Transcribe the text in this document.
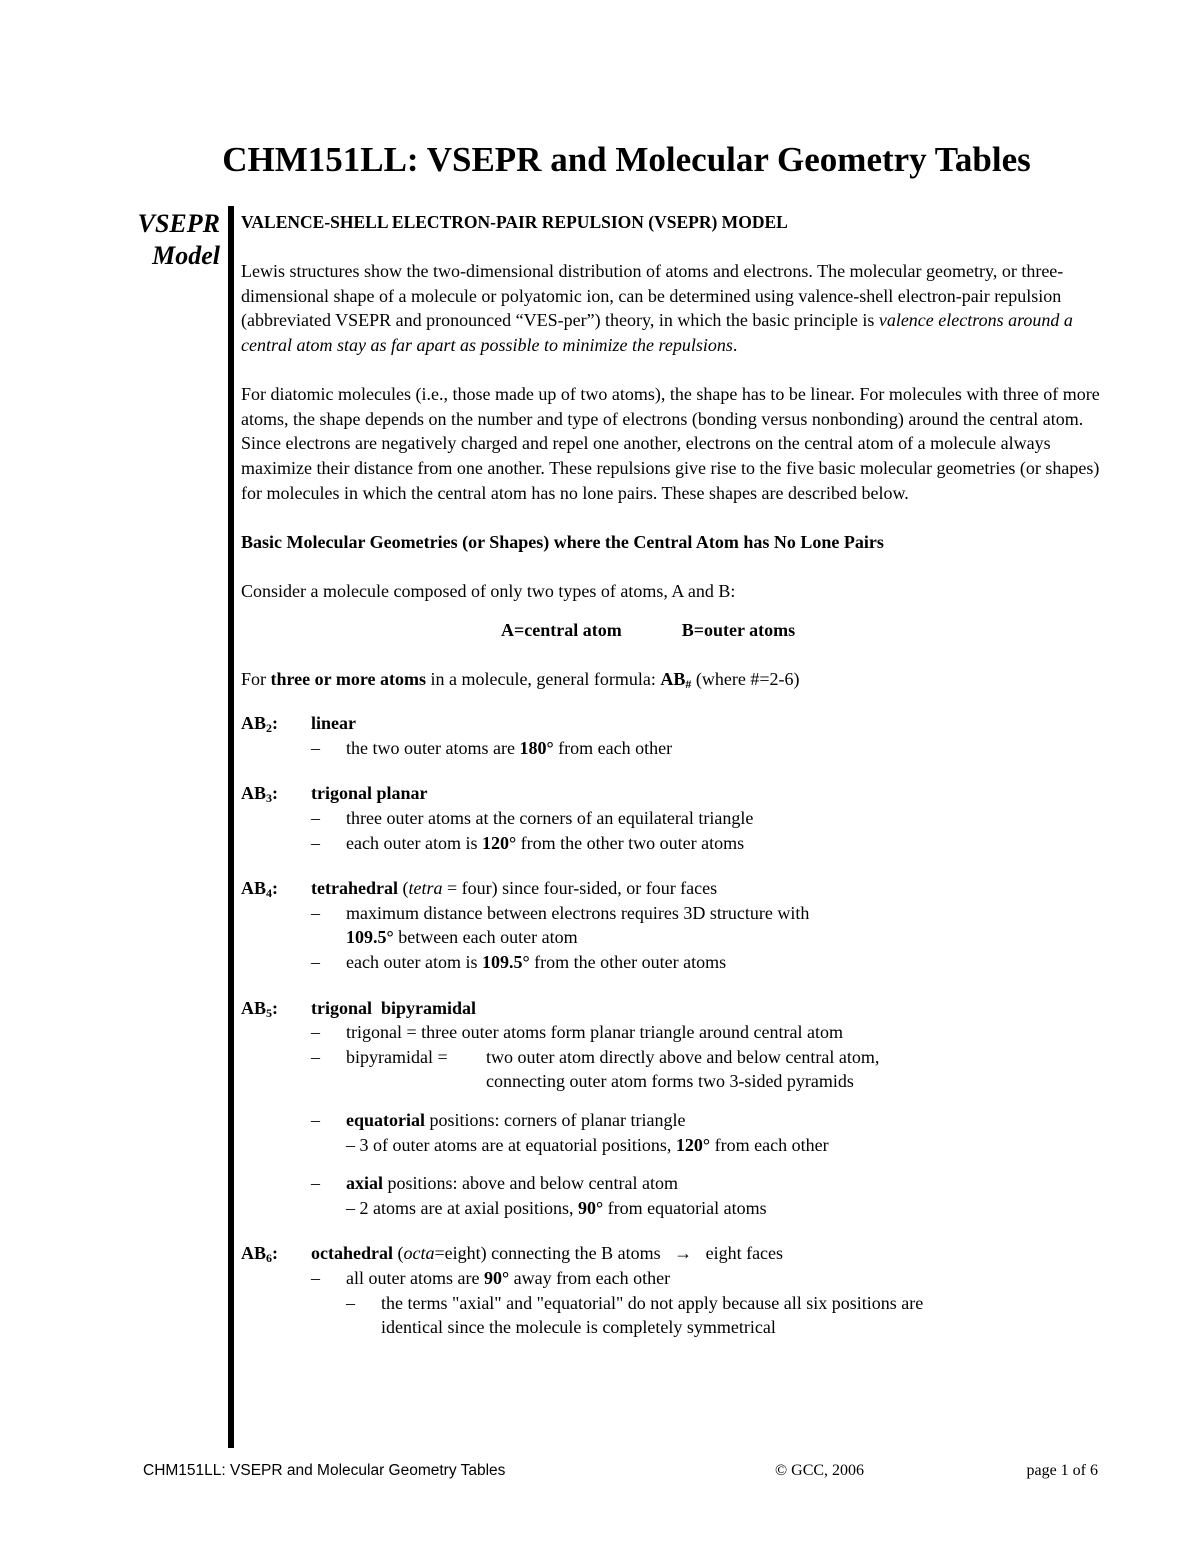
CHM151LL: VSEPR and Molecular Geometry Tables
VSEPR
Model

VALENCE-SHELL ELECTRON-PAIR REPULSION (VSEPR) MODEL

Lewis structures show the two-dimensional distribution of atoms and electrons. The molecular geometry, or three-dimensional shape of a molecule or polyatomic ion, can be determined using valence-shell electron-pair repulsion (abbreviated VSEPR and pronounced “VES-per”) theory, in which the basic principle is valence electrons around a central atom stay as far apart as possible to minimize the repulsions.

For diatomic molecules (i.e., those made up of two atoms), the shape has to be linear. For molecules with three of more atoms, the shape depends on the number and type of electrons (bonding versus nonbonding) around the central atom. Since electrons are negatively charged and repel one another, electrons on the central atom of a molecule always maximize their distance from one another. These repulsions give rise to the five basic molecular geometries (or shapes) for molecules in which the central atom has no lone pairs. These shapes are described below.

Basic Molecular Geometries (or Shapes) where the Central Atom has No Lone Pairs

Consider a molecule composed of only two types of atoms, A and B:

A=central atom	B=outer atoms

For three or more atoms in a molecule, general formula: $AB_{\#}$ (where #=2-6)

$AB_2$:	linear
–	the two outer atoms are 180° from each other
$AB_3$:	trigonal planar
–	three outer atoms at the corners of an equilateral triangle
–	each outer atom is 120° from the other two outer atoms
$AB_4$:	tetrahedral (tetra = four) since four-sided, or four faces
–	maximum distance between electrons requires 3D structure with
109.5° between each outer atom
–	each outer atom is 109.5° from the other outer atoms
$AB_5$:	trigonal  bipyramidal
–	trigonal = three outer atoms form planar triangle around central atom
–	bipyramidal =	two outer atom directly above and below central atom,
connecting outer atom forms two 3-sided pyramids
–	equatorial positions: corners of planar triangle
– 3 of outer atoms are at equatorial positions, 120° from each other
–	axial positions: above and below central atom
– 2 atoms are at axial positions, 90° from equatorial atoms
$AB_6$:	octahedral (octa=eight) connecting the B atoms   →   eight faces
–	all outer atoms are 90° away from each other
–	the terms "axial" and "equatorial" do not apply because all six positions are
identical since the molecule is completely symmetrical
CHM151LL: VSEPR and Molecular Geometry Tables	© GCC, 2006	page 1 of 6
